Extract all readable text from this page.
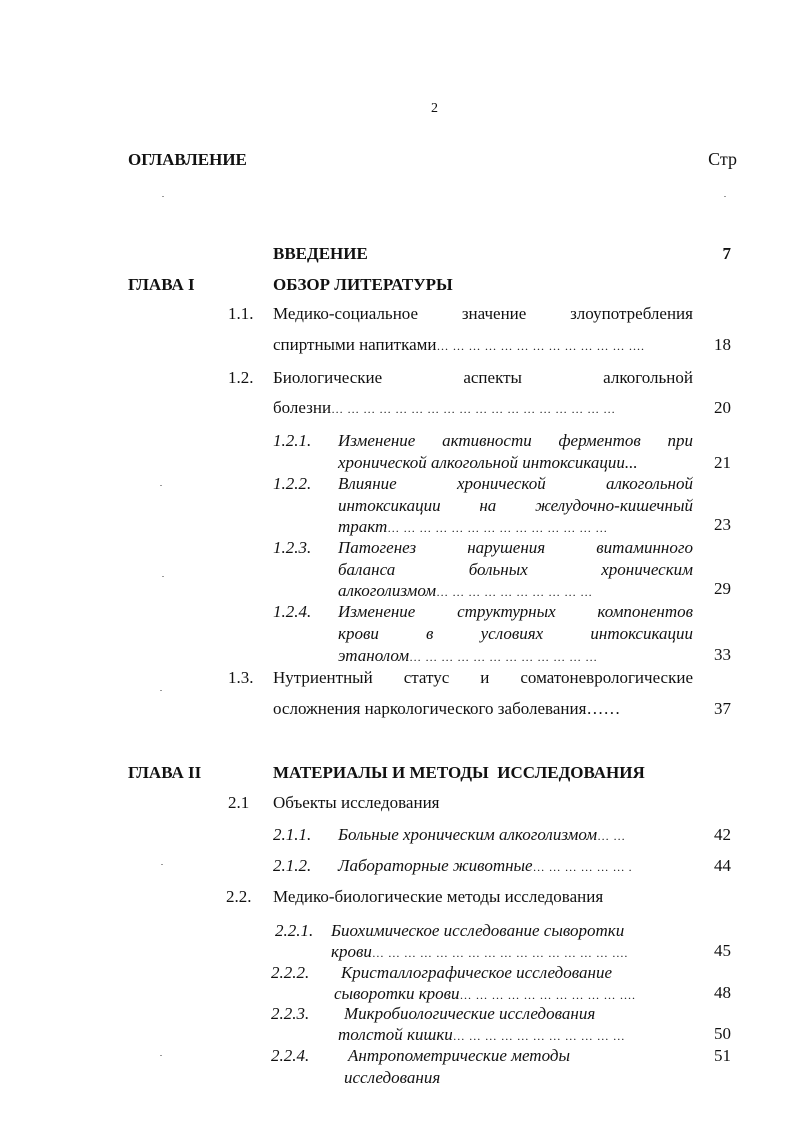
2
ОГЛАВЛЕНИЕ	Стр
ВВЕДЕНИЕ	7
ГЛАВА I	ОБЗОР ЛИТЕРАТУРЫ
1.1. Медико-социальное	значение	злоупотребления
спиртными напитками… … … … … … … … … … … … ….	18
1.2. Биологические	аспекты	алкогольной
болезни… … … … … … … … … … … … … … … … … …	20
1.2.1. Изменение активности ферментов при
хронической алкогольной интоксикации...	21
1.2.2. Влияние	хронической	алкогольной
интоксикации на желудочно-кишечный
тракт… … … … … … … … … … … … … …	23
1.2.3. Патогенез	нарушения	витаминного
баланса	больных	хроническим
алкоголизмом… … … … … … … … … …	29
1.2.4. Изменение структурных компонентов
крови	в	условиях	интоксикации
этанолом… … … … … … … … … … … …	33
1.3. Нутриентный статус и соматоневрологические
осложнения наркологического заболевания……	37
ГЛАВА II	МАТЕРИАЛЫ И МЕТОДЫ  ИССЛЕДОВАНИЯ
2.1 Объекты исследования
2.1.1. Больные хроническим алкоголизмом… …	42
2.1.2. Лабораторные животные… … … … … … .	44
2.2. Медико-биологические методы исследования
2.2.1. Биохимическое исследование сыворотки
крови… … … … … … … … … … … … … … … ….	45
2.2.2. Кристаллографическое исследование
сыворотки крови… … … … … … … … … … ….	48
2.2.3. Микробиологические исследования
толстой кишки… … … … … … … … … … …	50
2.2.4. Антропометрические методы
исследования
51
